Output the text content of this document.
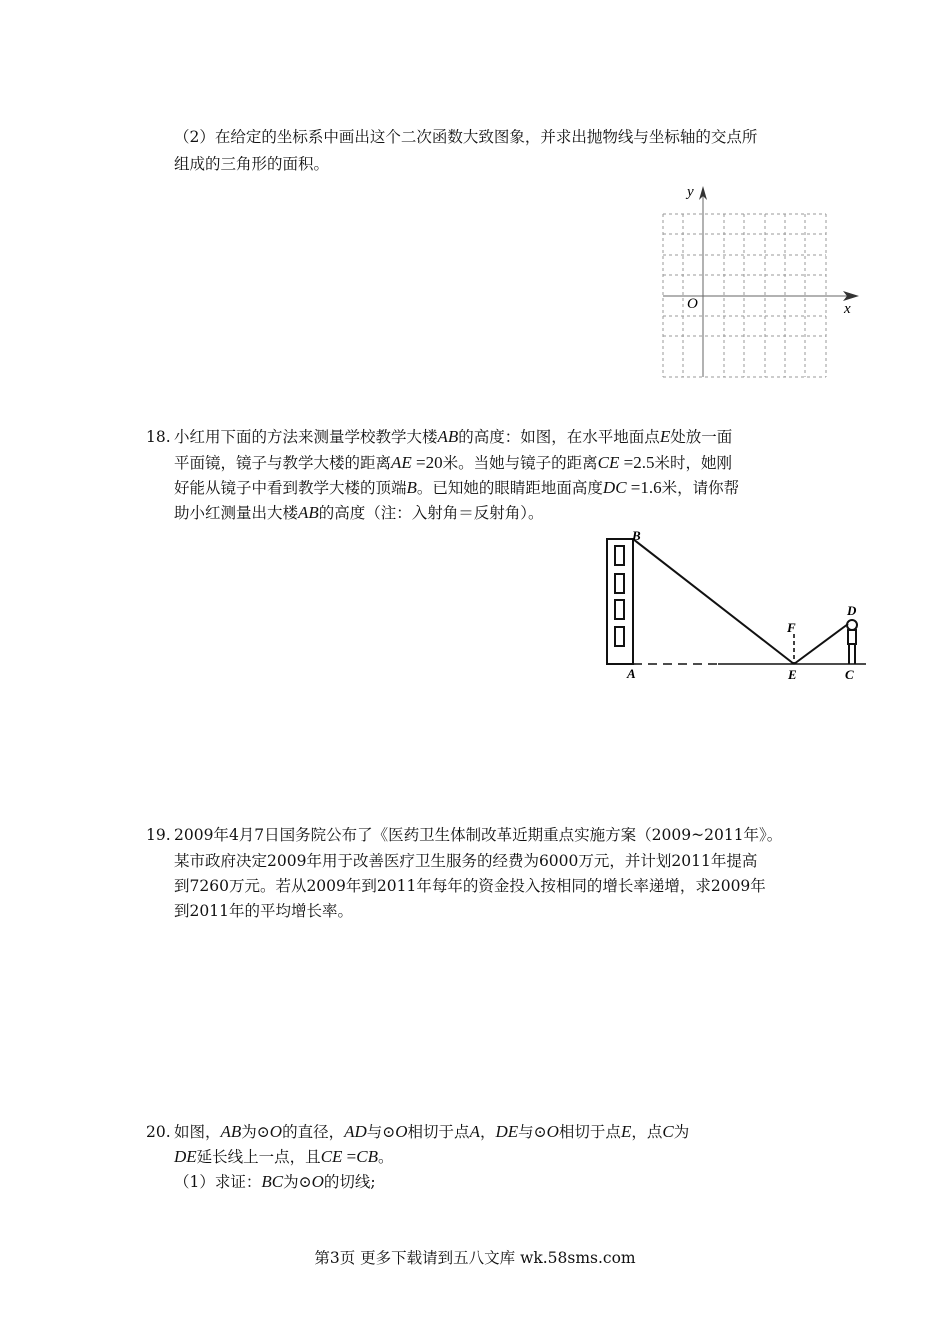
（2）在给定的坐标系中画出这个二次函数大致图象，并求出抛物线与坐标轴的交点所
组成的三角形的面积。
y
x
O
18. 小红用下面的方法来测量学校教学大楼AB的高度：如图，在水平地面点E处放一面
平面镜，镜子与教学大楼的距离AE =20米。当她与镜子的距离CE =2.5米时，她刚
好能从镜子中看到教学大楼的顶端B。已知她的眼睛距地面高度DC =1.6米，请你帮
助小红测量出大楼AB的高度（注：入射角＝反射角）。
B
A
F
E	C
D
19. 2009年4月7日国务院公布了《医药卫生体制改革近期重点实施方案（2009~2011年》。
某市政府决定2009年用于改善医疗卫生服务的经费为6000万元，并计划2011年提高
到7260万元。若从2009年到2011年每年的资金投入按相同的增长率递增，求2009年
到2011年的平均增长率。
20. 如图，AB为⊙O的直径，AD与⊙O相切于点A，DE与⊙O相切于点E，点C为
DE延长线上一点，且CE =CB。
（1）求证：BC为⊙O的切线;
第3页 更多下载请到五八文库 wk.58sms.com
